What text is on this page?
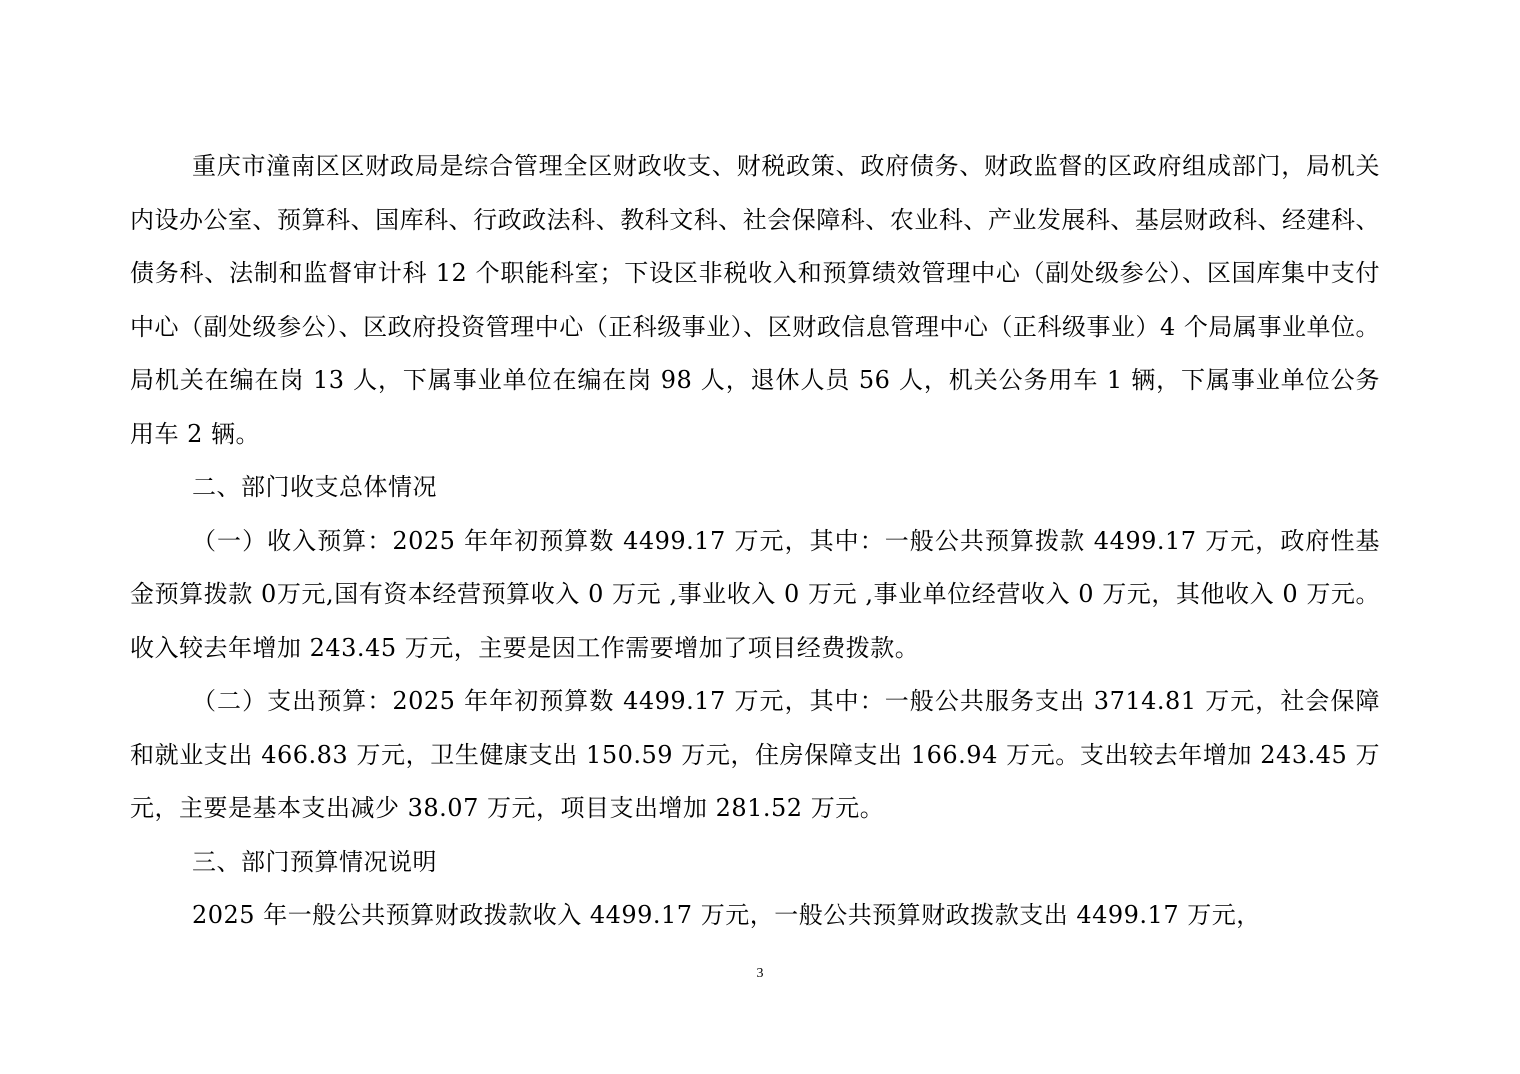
重庆市潼南区区财政局是综合管理全区财政收支、财税政策、政府债务、财政监督的区政府组成部门，局机关内设办公室、预算科、国库科、行政政法科、教科文科、社会保障科、农业科、产业发展科、基层财政科、经建科、债务科、法制和监督审计科 12 个职能科室；下设区非税收入和预算绩效管理中心（副处级参公）、区国库集中支付中心（副处级参公）、区政府投资管理中心（正科级事业）、区财政信息管理中心（正科级事业）4 个局属事业单位。局机关在编在岗 13 人，下属事业单位在编在岗 98 人，退休人员 56 人，机关公务用车 1 辆，下属事业单位公务用车 2 辆。

二、部门收支总体情况

（一）收入预算：2025 年年初预算数 4499.17 万元，其中：一般公共预算拨款 4499.17 万元，政府性基金预算拨款 0万元,国有资本经营预算收入 0 万元 ,事业收入 0 万元 ,事业单位经营收入 0 万元，其他收入 0 万元。收入较去年增加 243.45 万元，主要是因工作需要增加了项目经费拨款。

（二）支出预算：2025 年年初预算数 4499.17 万元，其中：一般公共服务支出 3714.81 万元，社会保障和就业支出 466.83 万元，卫生健康支出 150.59 万元，住房保障支出 166.94 万元。支出较去年增加 243.45 万元，主要是基本支出减少 38.07 万元，项目支出增加 281.52 万元。

三、部门预算情况说明

2025 年一般公共预算财政拨款收入 4499.17 万元，一般公共预算财政拨款支出 4499.17 万元，

3
